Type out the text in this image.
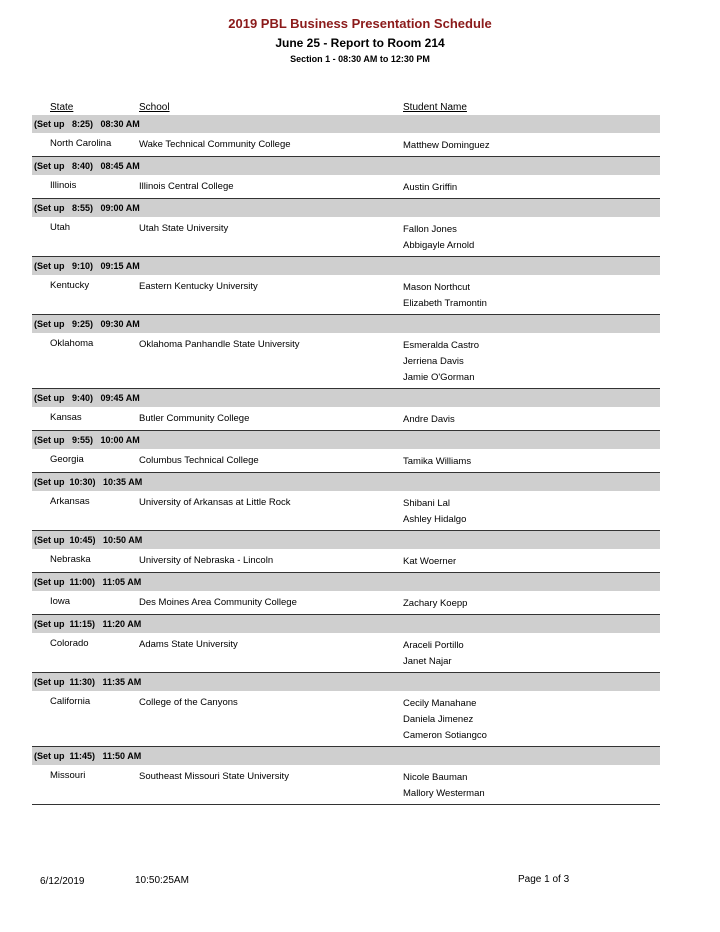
2019 PBL Business Presentation Schedule
June 25 - Report to Room 214
Section 1 - 08:30 AM to 12:30 PM
State	School	Student Name
(Set up   8:25)   08:30 AM
North Carolina	Wake Technical Community College	Matthew Dominguez
(Set up   8:40)   08:45 AM
Illinois	Illinois Central College	Austin Griffin
(Set up   8:55)   09:00 AM
Utah	Utah State University	Fallon Jones
Abbigayle Arnold
(Set up   9:10)   09:15 AM
Kentucky	Eastern Kentucky University	Mason Northcut
Elizabeth Tramontin
(Set up   9:25)   09:30 AM
Oklahoma	Oklahoma Panhandle State University	Esmeralda Castro
Jerriena Davis
Jamie O'Gorman
(Set up   9:40)   09:45 AM
Kansas	Butler Community College	Andre Davis
(Set up   9:55)   10:00 AM
Georgia	Columbus Technical College	Tamika Williams
(Set up  10:30)   10:35 AM
Arkansas	University of Arkansas at Little Rock	Shibani Lal
Ashley Hidalgo
(Set up  10:45)   10:50 AM
Nebraska	University of Nebraska - Lincoln	Kat Woerner
(Set up  11:00)   11:05 AM
Iowa	Des Moines Area Community College	Zachary Koepp
(Set up  11:15)   11:20 AM
Colorado	Adams State University	Araceli Portillo
Janet Najar
(Set up  11:30)   11:35 AM
California	College of the Canyons	Cecily Manahane
Daniela Jimenez
Cameron Sotiangco
(Set up  11:45)   11:50 AM
Missouri	Southeast Missouri State University	Nicole Bauman
Mallory Westerman
6/12/2019	10:50:25AM	Page 1 of 3
